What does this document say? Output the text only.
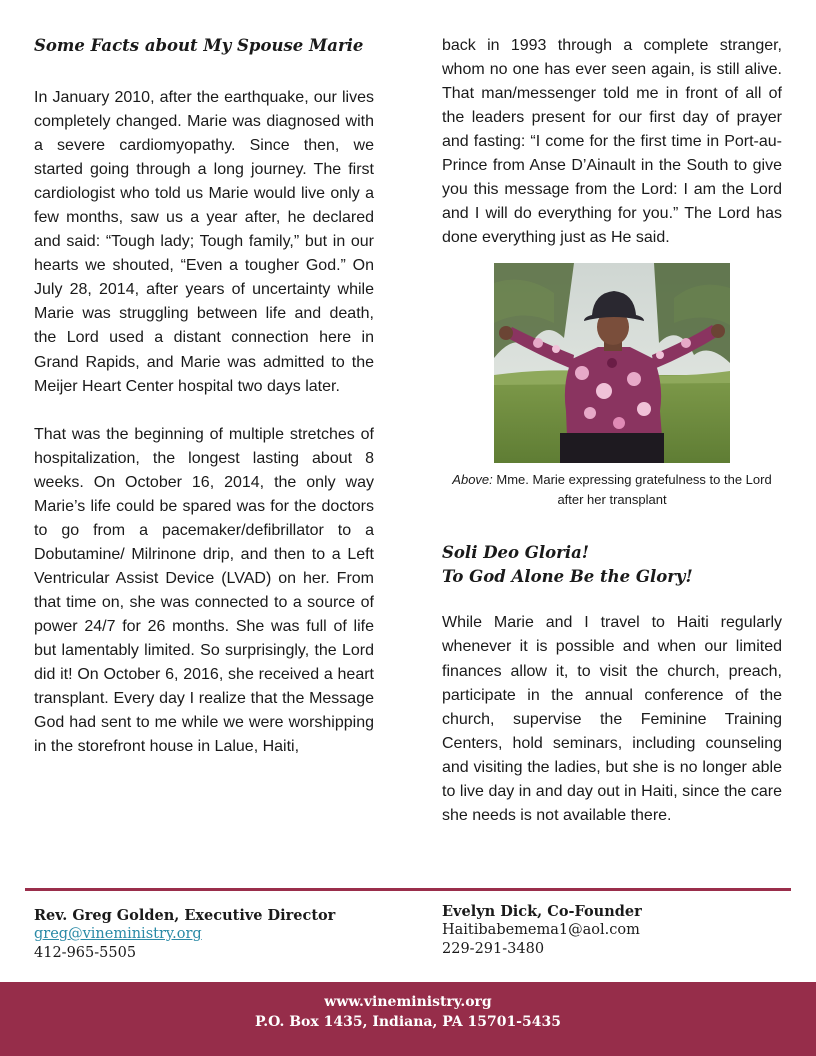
Some Facts about My Spouse Marie

In January 2010, after the earthquake, our lives completely changed. Marie was diagnosed with a severe cardiomyopathy. Since then, we started going through a long journey. The first cardiologist who told us Marie would live only a few months, saw us a year after, he declared and said: “Tough lady; Tough family,” but in our hearts we shouted, “Even a tougher God.” On July 28, 2014, after years of uncertainty while Marie was struggling between life and death, the Lord used a distant connection here in Grand Rapids, and Marie was admitted to the Meijer Heart Center hospital two days later.

That was the beginning of multiple stretches of hospitalization, the longest lasting about 8 weeks. On October 16, 2014, the only way Marie’s life could be spared was for the doctors to go from a pacemaker/defibrillator to a Dobutamine/ Milrinone drip, and then to a Left Ventricular Assist Device (LVAD) on her. From that time on, she was connected to a source of power 24/7 for 26 months. She was full of life but lamentably limited. So surprisingly, the Lord did it! On October 6, 2016, she received a heart transplant. Every day I realize that the Message God had sent to me while we were worshipping in the storefront house in Lalue, Haiti,

back in 1993 through a complete stranger, whom no one has ever seen again, is still alive. That man/messenger told me in front of all of the leaders present for our first day of prayer and fasting: “I come for the first time in Port-au-Prince from Anse D’Ainault in the South to give you this message from the Lord: I am the Lord and I will do everything for you.” The Lord has done everything just as He said.

Above: Mme. Marie expressing gratefulness to the Lord after her transplant

Soli Deo Gloria!
To God Alone Be the Glory!

While Marie and I travel to Haiti regularly whenever it is possible and when our limited finances allow it, to visit the church, preach, participate in the annual conference of the church, supervise the Feminine Training Centers, hold seminars, including counseling and visiting the ladies, but she is no longer able to live day in and day out in Haiti, since the care she needs is not available there.

Rev. Greg Golden, Executive Director
greg@vineministry.org
412-965-5505
Evelyn Dick, Co-Founder
Haitibabemema1@aol.com
229-291-3480
www.vineministry.org
P.O. Box 1435, Indiana, PA 15701-5435
